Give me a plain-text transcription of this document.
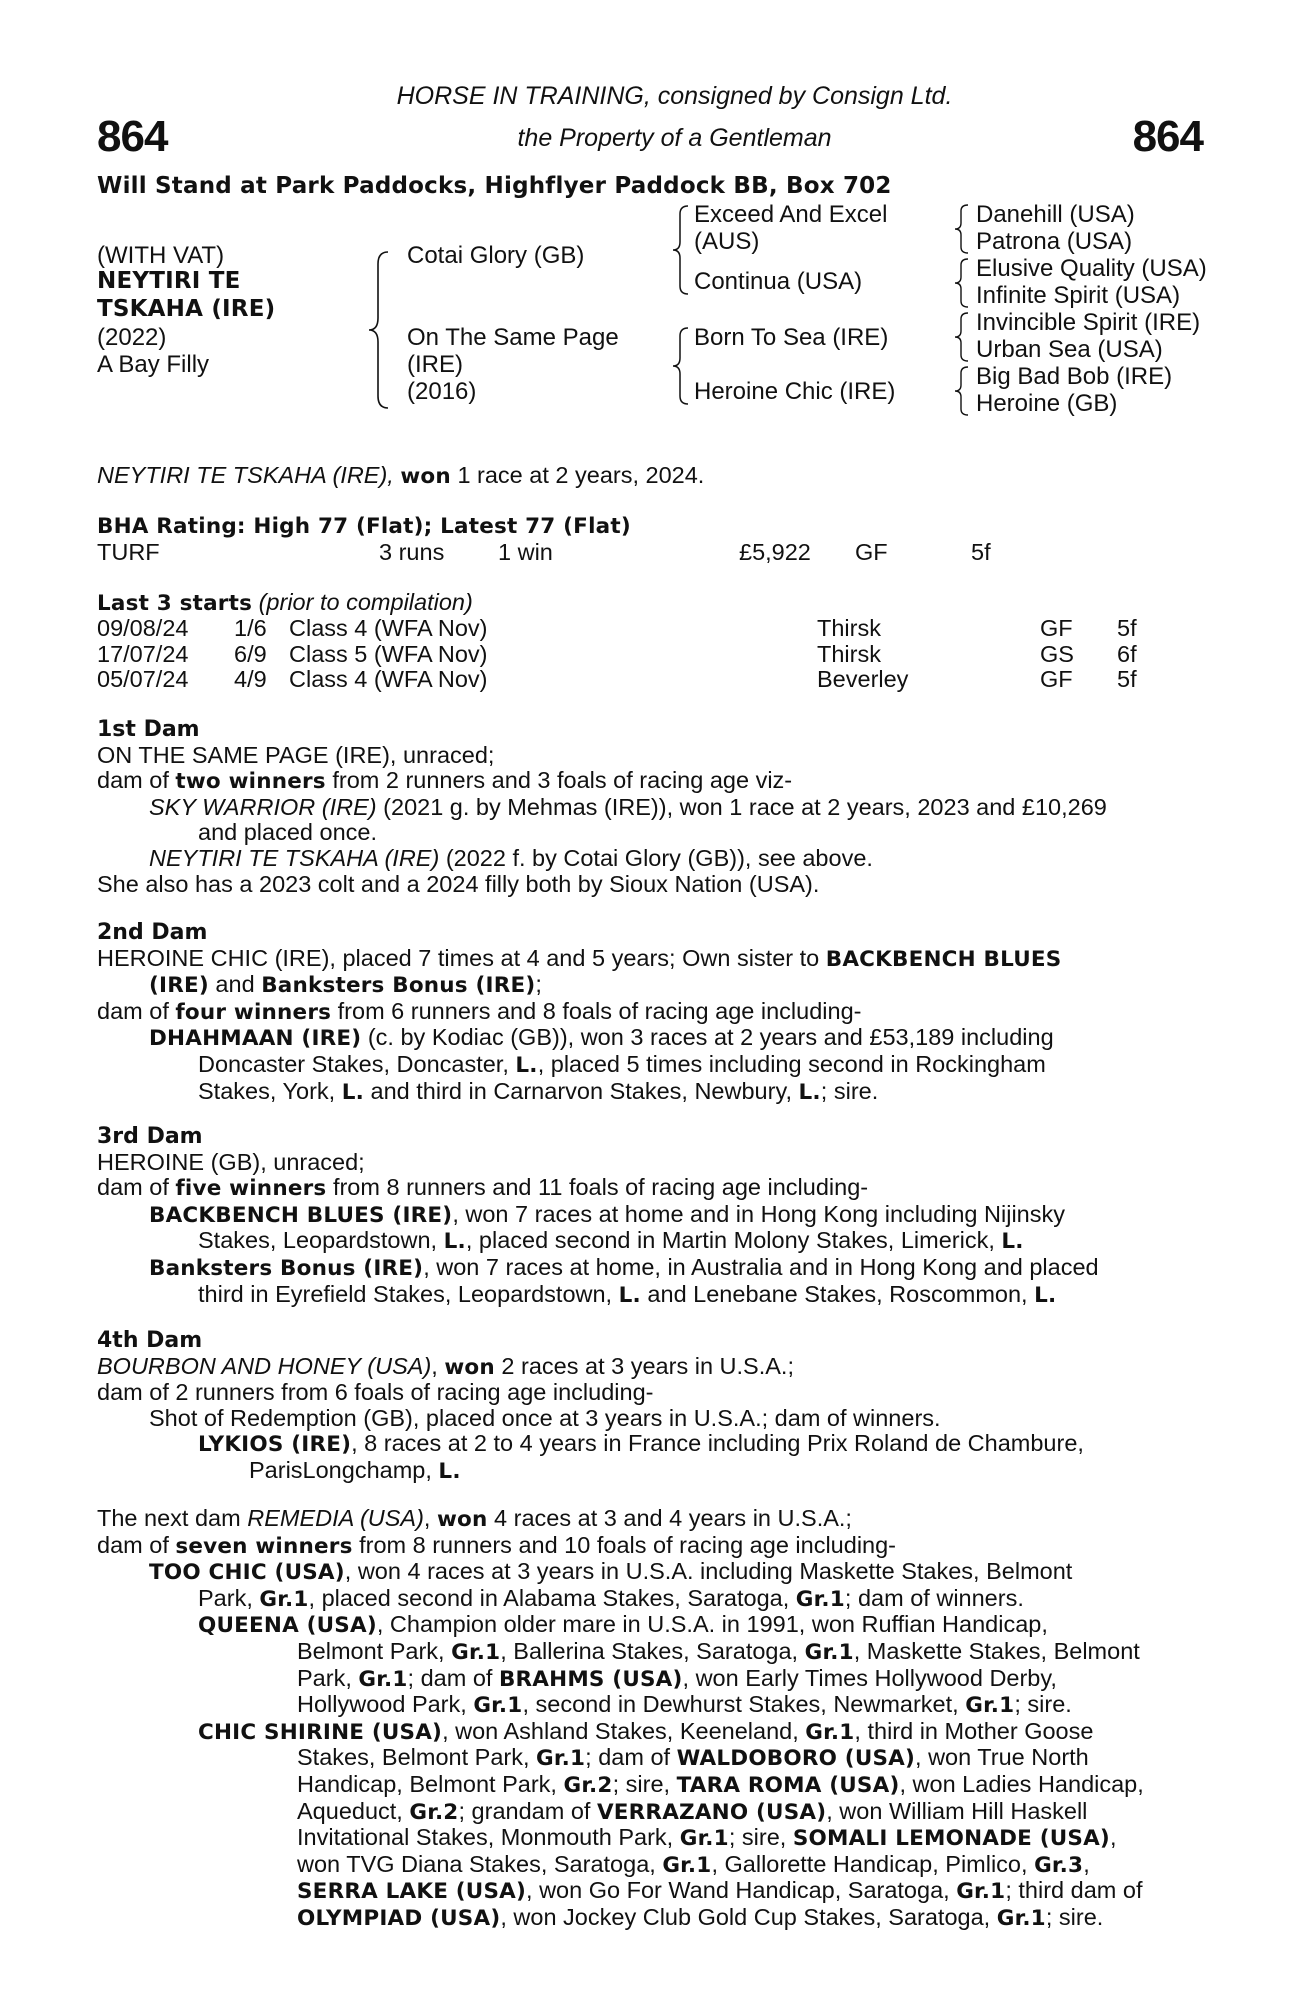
864	864
HORSE IN TRAINING, consigned by Consign Ltd.
the Property of a Gentleman
Will Stand at Park Paddocks, Highflyer Paddock BB, Box 702
(WITH VAT)
NEYTIRI TE
TSKAHA (IRE)
(2022)
A Bay Filly
Cotai Glory (GB)
On The Same Page
(IRE)
(2016)
Exceed And Excel
(AUS)
Continua (USA)
Born To Sea (IRE)
Heroine Chic (IRE)
Danehill (USA)
Patrona (USA)
Elusive Quality (USA)
Infinite Spirit (USA)
Invincible Spirit (IRE)
Urban Sea (USA)
Big Bad Bob (IRE)
Heroine (GB)
NEYTIRI TE TSKAHA (IRE), won 1 race at 2 years, 2024.
BHA Rating: High 77 (Flat); Latest 77 (Flat)
TURF	3 runs 1 win	£5,922 GF	5f
Last 3 starts (prior to compilation)
09/08/24 1/6 Class 4 (WFA Nov)	Thirsk	GF 5f
17/07/24 6/9 Class 5 (WFA Nov)	Thirsk	GS 6f
05/07/24 4/9 Class 4 (WFA Nov)	Beverley	GF 5f
1st Dam
ON THE SAME PAGE (IRE), unraced;
dam of two winners from 2 runners and 3 foals of racing age viz-
SKY WARRIOR (IRE) (2021 g. by Mehmas (IRE)), won 1 race at 2 years, 2023 and £10,269
and placed once.
NEYTIRI TE TSKAHA (IRE) (2022 f. by Cotai Glory (GB)), see above.
She also has a 2023 colt and a 2024 filly both by Sioux Nation (USA).
2nd Dam
HEROINE CHIC (IRE), placed 7 times at 4 and 5 years; Own sister to BACKBENCH BLUES
(IRE) and Banksters Bonus (IRE);
dam of four winners from 6 runners and 8 foals of racing age including-
DHAHMAAN (IRE) (c. by Kodiac (GB)), won 3 races at 2 years and £53,189 including
Doncaster Stakes, Doncaster, L., placed 5 times including second in Rockingham
Stakes, York, L. and third in Carnarvon Stakes, Newbury, L.; sire.
3rd Dam
HEROINE (GB), unraced;
dam of five winners from 8 runners and 11 foals of racing age including-
BACKBENCH BLUES (IRE), won 7 races at home and in Hong Kong including Nijinsky
Stakes, Leopardstown, L., placed second in Martin Molony Stakes, Limerick, L.
Banksters Bonus (IRE), won 7 races at home, in Australia and in Hong Kong and placed
third in Eyrefield Stakes, Leopardstown, L. and Lenebane Stakes, Roscommon, L.
4th Dam
BOURBON AND HONEY (USA), won 2 races at 3 years in U.S.A.;
dam of 2 runners from 6 foals of racing age including-
Shot of Redemption (GB), placed once at 3 years in U.S.A.; dam of winners.
LYKIOS (IRE), 8 races at 2 to 4 years in France including Prix Roland de Chambure,
ParisLongchamp, L.
The next dam REMEDIA (USA), won 4 races at 3 and 4 years in U.S.A.;
dam of seven winners from 8 runners and 10 foals of racing age including-
TOO CHIC (USA), won 4 races at 3 years in U.S.A. including Maskette Stakes, Belmont
Park, Gr.1, placed second in Alabama Stakes, Saratoga, Gr.1; dam of winners.
QUEENA (USA), Champion older mare in U.S.A. in 1991, won Ruffian Handicap,
Belmont Park, Gr.1, Ballerina Stakes, Saratoga, Gr.1, Maskette Stakes, Belmont
Park, Gr.1; dam of BRAHMS (USA), won Early Times Hollywood Derby,
Hollywood Park, Gr.1, second in Dewhurst Stakes, Newmarket, Gr.1; sire.
CHIC SHIRINE (USA), won Ashland Stakes, Keeneland, Gr.1, third in Mother Goose
Stakes, Belmont Park, Gr.1; dam of WALDOBORO (USA), won True North
Handicap, Belmont Park, Gr.2; sire, TARA ROMA (USA), won Ladies Handicap,
Aqueduct, Gr.2; grandam of VERRAZANO (USA), won William Hill Haskell
Invitational Stakes, Monmouth Park, Gr.1; sire, SOMALI LEMONADE (USA),
won TVG Diana Stakes, Saratoga, Gr.1, Gallorette Handicap, Pimlico, Gr.3,
SERRA LAKE (USA), won Go For Wand Handicap, Saratoga, Gr.1; third dam of
OLYMPIAD (USA), won Jockey Club Gold Cup Stakes, Saratoga, Gr.1; sire.
